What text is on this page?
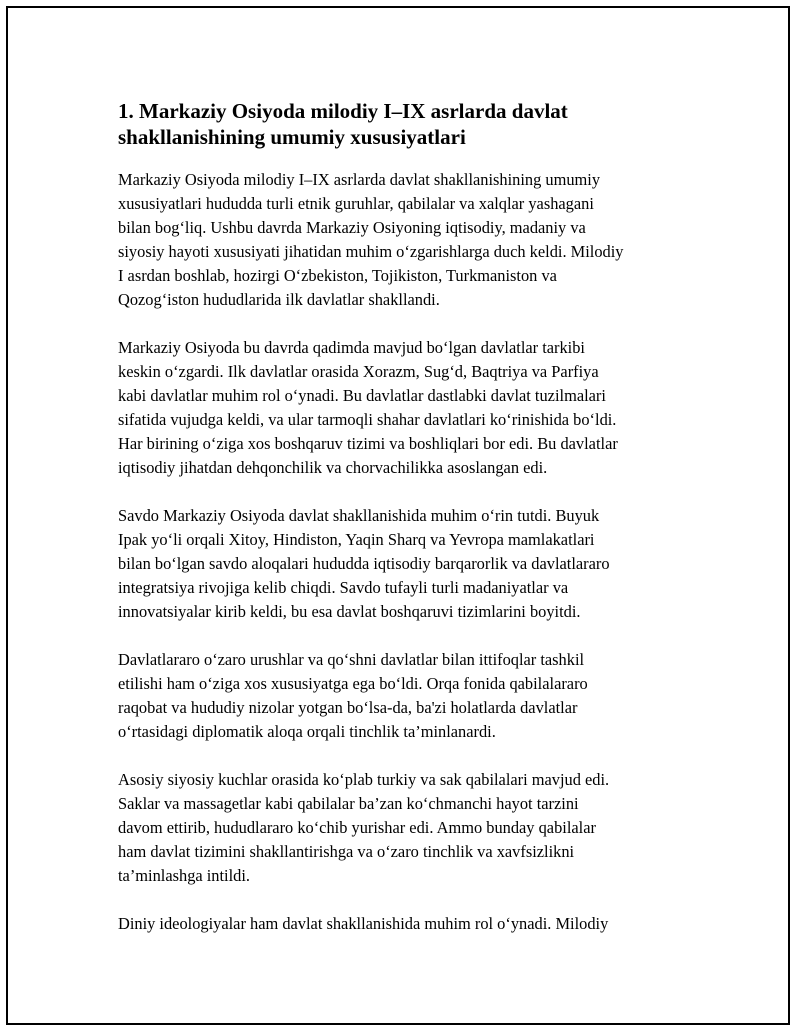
1. Markaziy Osiyoda milodiy I–IX asrlarda davlat shakllanishining umumiy xususiyatlari

Markaziy Osiyoda milodiy I–IX asrlarda davlat shakllanishining umumiy
xususiyatlari hududda turli etnik guruhlar, qabilalar va xalqlar yashagani
bilan bog‘liq. Ushbu davrda Markaziy Osiyoning iqtisodiy, madaniy va
siyosiy hayoti xususiyati jihatidan muhim o‘zgarishlarga duch keldi. Milodiy
I asrdan boshlab, hozirgi O‘zbekiston, Tojikiston, Turkmaniston va
Qozog‘iston hududlarida ilk davlatlar shakllandi.

Markaziy Osiyoda bu davrda qadimda mavjud bo‘lgan davlatlar tarkibi
keskin o‘zgardi. Ilk davlatlar orasida Xorazm, Sug‘d, Baqtriya va Parfiya
kabi davlatlar muhim rol o‘ynadi. Bu davlatlar dastlabki davlat tuzilmalari
sifatida vujudga keldi, va ular tarmoqli shahar davlatlari ko‘rinishida bo‘ldi.
Har birining o‘ziga xos boshqaruv tizimi va boshliqlari bor edi. Bu davlatlar
iqtisodiy jihatdan dehqonchilik va chorvachilikka asoslangan edi.

Savdo Markaziy Osiyoda davlat shakllanishida muhim o‘rin tutdi. Buyuk
Ipak yo‘li orqali Xitoy, Hindiston, Yaqin Sharq va Yevropa mamlakatlari
bilan bo‘lgan savdo aloqalari hududda iqtisodiy barqarorlik va davlatlararo
integratsiya rivojiga kelib chiqdi. Savdo tufayli turli madaniyatlar va
innovatsiyalar kirib keldi, bu esa davlat boshqaruvi tizimlarini boyitdi.

Davlatlararo o‘zaro urushlar va qo‘shni davlatlar bilan ittifoqlar tashkil
etilishi ham o‘ziga xos xususiyatga ega bo‘ldi. Orqa fonida qabilalararo
raqobat va hududiy nizolar yotgan bo‘lsa-da, ba'zi holatlarda davlatlar
o‘rtasidagi diplomatik aloqa orqali tinchlik ta’minlanardi.

Asosiy siyosiy kuchlar orasida ko‘plab turkiy va sak qabilalari mavjud edi.
Saklar va massagetlar kabi qabilalar ba’zan ko‘chmanchi hayot tarzini
davom ettirib, hududlararo ko‘chib yurishar edi. Ammo bunday qabilalar
ham davlat tizimini shakllantirishga va o‘zaro tinchlik va xavfsizlikni
ta’minlashga intildi.

Diniy ideologiyalar ham davlat shakllanishida muhim rol o‘ynadi. Milodiy
